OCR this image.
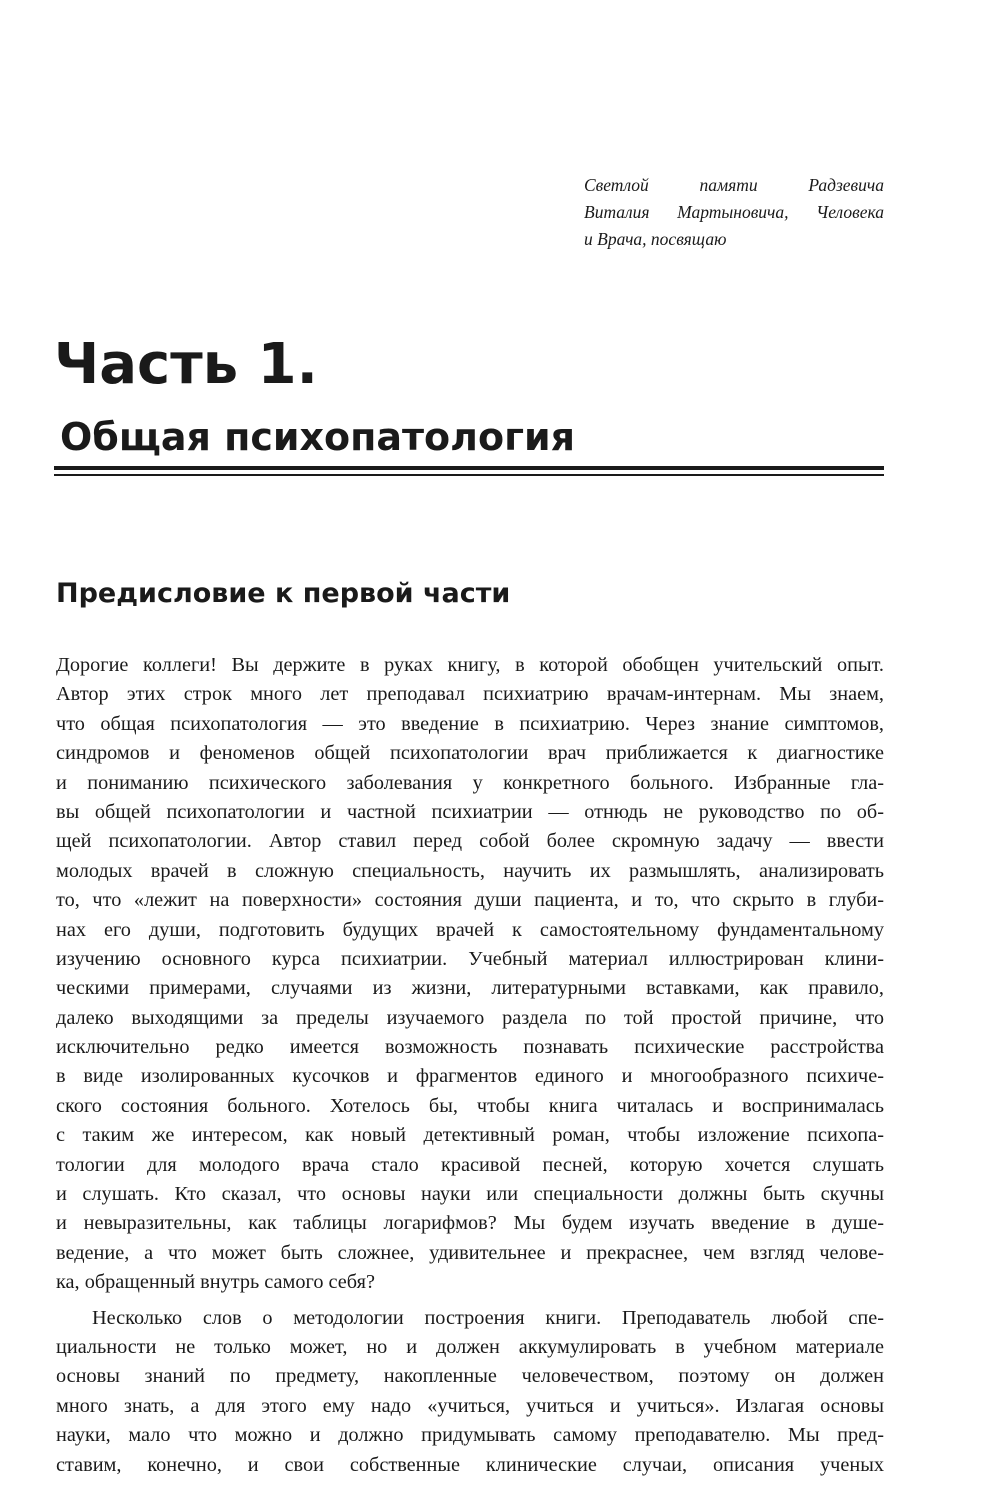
Светлой памяти Радзевича
Виталия Мартыновича, Человека
и Врача, посвящаю
Часть 1.
Общая психопатология
Предисловие к первой части
Дорогие коллеги! Вы держите в руках книгу, в которой обобщен учительский опыт.
Автор этих строк много лет преподавал психиатрию врачам-интернам. Мы знаем,
что общая психопатология — это введение в психиатрию. Через знание симптомов,
синдромов и феноменов общей психопатологии врач приближается к диагностике
и пониманию психического заболевания у конкретного больного. Избранные гла-
вы общей психопатологии и частной психиатрии — отнюдь не руководство по об-
щей психопатологии. Автор ставил перед собой более скромную задачу — ввести
молодых врачей в сложную специальность, научить их размышлять, анализировать
то, что «лежит на поверхности» состояния души пациента, и то, что скрыто в глуби-
нах его души, подготовить будущих врачей к самостоятельному фундаментальному
изучению основного курса психиатрии. Учебный материал иллюстрирован клини-
ческими примерами, случаями из жизни, литературными вставками, как правило,
далеко выходящими за пределы изучаемого раздела по той простой причине, что
исключительно редко имеется возможность познавать психические расстройства
в виде изолированных кусочков и фрагментов единого и многообразного психиче-
ского состояния больного. Хотелось бы, чтобы книга читалась и воспринималась
с таким же интересом, как новый детективный роман, чтобы изложение психопа-
тологии для молодого врача стало красивой песней, которую хочется слушать
и слушать. Кто сказал, что основы науки или специальности должны быть скучны
и невыразительны, как таблицы логарифмов? Мы будем изучать введение в душе-
ведение, а что может быть сложнее, удивительнее и прекраснее, чем взгляд челове-
ка, обращенный внутрь самого себя?
Несколько слов о методологии построения книги. Преподаватель любой спе-
циальности не только может, но и должен аккумулировать в учебном материале
основы знаний по предмету, накопленные человечеством, поэтому он должен
много знать, а для этого ему надо «учиться, учиться и учиться». Излагая основы
науки, мало что можно и должно придумывать самому преподавателю. Мы пред-
ставим, конечно, и свои собственные клинические случаи, описания ученых
